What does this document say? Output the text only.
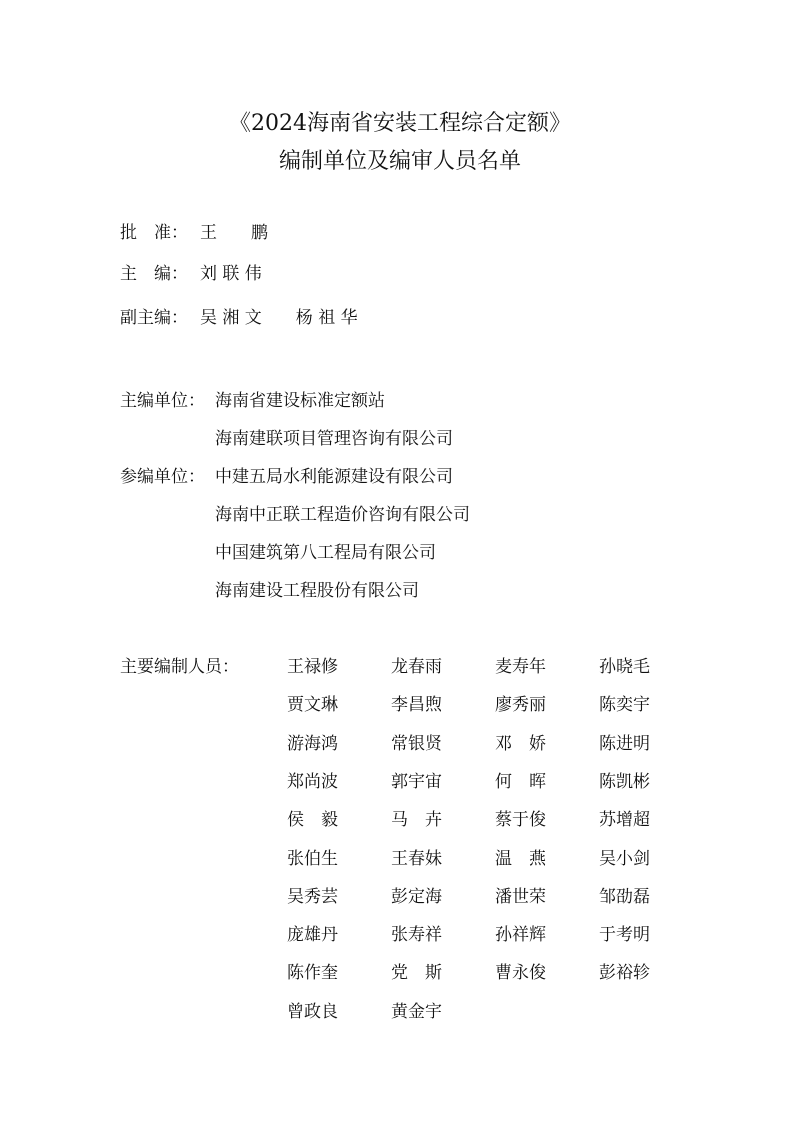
《2024海南省安装工程综合定额》
编制单位及编审人员名单
批　准： 王　　鹏
主　编： 刘 联 伟
副主编： 吴 湘 文　　杨 祖 华
主编单位： 海南省建设标准定额站
海南建联项目管理咨询有限公司
参编单位： 中建五局水利能源建设有限公司
海南中正联工程造价咨询有限公司
中国建筑第八工程局有限公司
海南建设工程股份有限公司
主要编制人员：	王禄修	龙春雨	麦寿年	孙晓毛
贾文琳	李昌煦	廖秀丽	陈奕宇
游海鸿	常银贤	邓　娇	陈进明
郑尚波	郭宇宙	何　晖	陈凯彬
侯　毅	马　卉	蔡于俊	苏增超
张伯生	王春妹	温　燕	吴小剑
吴秀芸	彭定海	潘世荣	邹劭磊
庞雄丹	张寿祥	孙祥辉	于考明
陈作奎	党　斯	曹永俊	彭裕轸
曾政良	黄金宇
